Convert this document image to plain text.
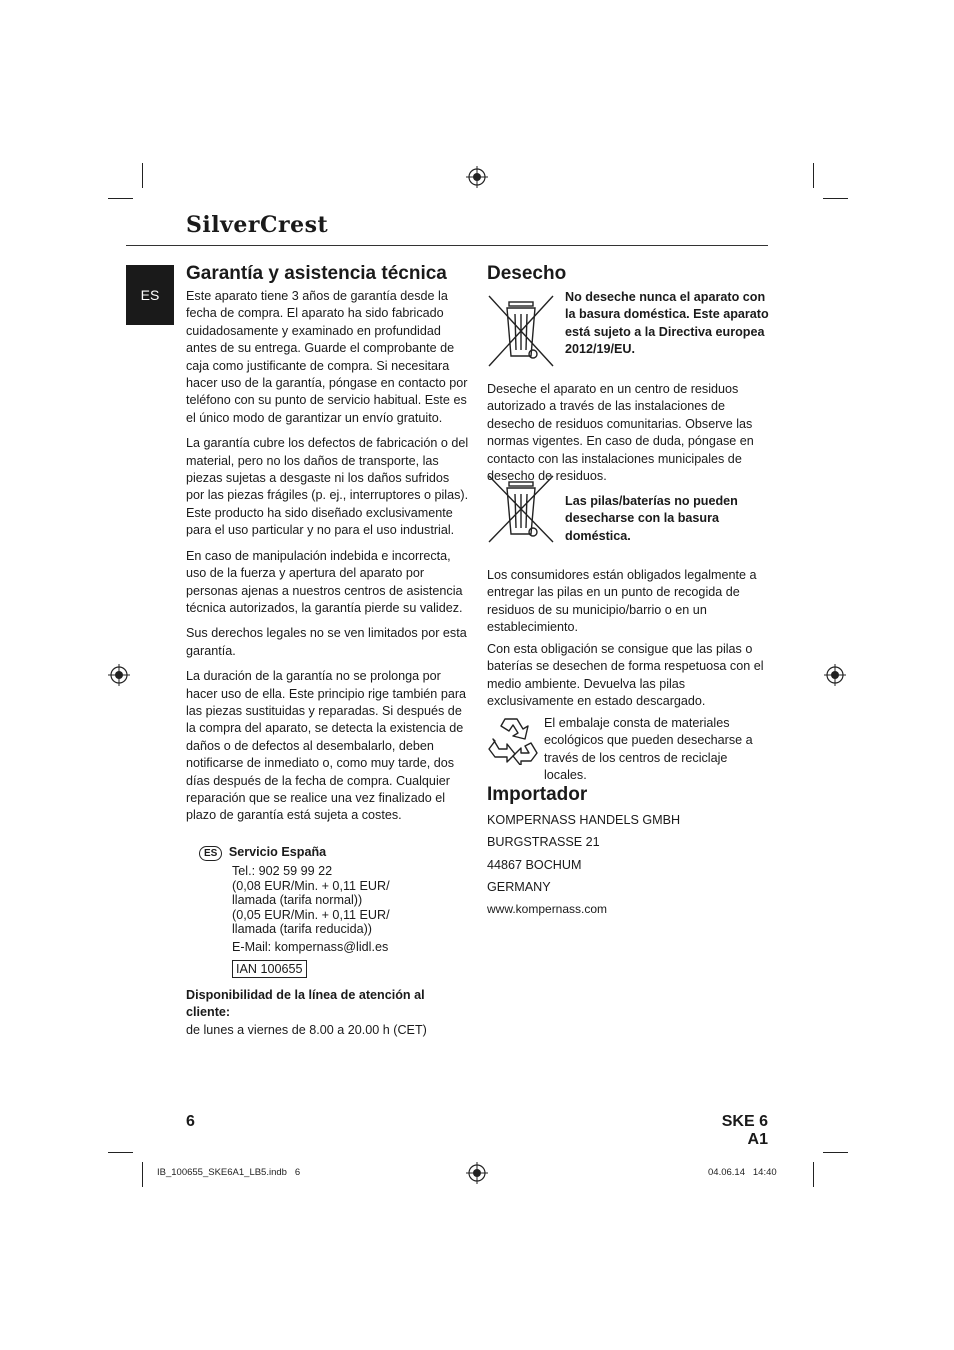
SilverCrest
ES
Garantía y asistencia técnica

Este aparato tiene 3 años de garantía desde la fecha de compra. El aparato ha sido fabricado cuidadosamente y examinado en profundidad antes de su entrega. Guarde el comprobante de caja como justificante de compra. Si necesitara hacer uso de la garantía, póngase en contacto por teléfono con su punto de servicio habitual. Este es el único modo de garantizar un envío gratuito.

La garantía cubre los defectos de fabricación o del material, pero no los daños de transporte, las piezas sujetas a desgaste ni los daños sufridos por las piezas frágiles (p. ej., interruptores o pilas). Este producto ha sido diseñado exclusivamente para el uso particular y no para el uso industrial.

En caso de manipulación indebida e incorrecta, uso de la fuerza y apertura del aparato por personas ajenas a nuestros centros de asistencia técnica autorizados, la garantía pierde su validez.

Sus derechos legales no se ven limitados por esta garantía.

La duración de la garantía no se prolonga por hacer uso de ella. Este principio rige también para las piezas sustituidas y reparadas. Si después de la compra del aparato, se detecta la existencia de daños o de defectos al desembalarlo, deben notificarse de inmediato o, como muy tarde, dos días después de la fecha de compra. Cualquier reparación que se realice una vez finalizado el plazo de garantía está sujeta a costes.

ES Servicio España
Tel.: 902 59 99 22
(0,08 EUR/Min. + 0,11 EUR/
llamada (tarifa normal))
(0,05 EUR/Min. + 0,11 EUR/
llamada (tarifa reducida))
E-Mail: kompernass@lidl.es
IAN 100655
Disponibilidad de la línea de atención al cliente:
de lunes a viernes de 8.00 a 20.00 h (CET)
Desecho
No deseche nunca el aparato con la basura doméstica. Este aparato está sujeto a la Directiva europea 2012/19/EU.
Deseche el aparato en un centro de residuos autorizado a través de las instalaciones de desecho de residuos comunitarias. Observe las normas vigentes. En caso de duda, póngase en contacto con las instalaciones municipales de desecho de residuos.
Las pilas/baterías no pueden desecharse con la basura doméstica.
Los consumidores están obligados legalmente a entregar las pilas en un punto de recogida de residuos de su municipio/barrio o en un establecimiento.
Con esta obligación se consigue que las pilas o baterías se desechen de forma respetuosa con el medio ambiente. Devuelva las pilas exclusivamente en estado descargado.
El embalaje consta de materiales ecológicos que pueden desecharse a través de los centros de reciclaje locales.
Importador
KOMPERNASS HANDELS GMBH
BURGSTRASSE 21
44867 BOCHUM
GERMANY
www.kompernass.com
6	SKE 6 A1
IB_100655_SKE6A1_LB5.indb   6	04.06.14   14:40
